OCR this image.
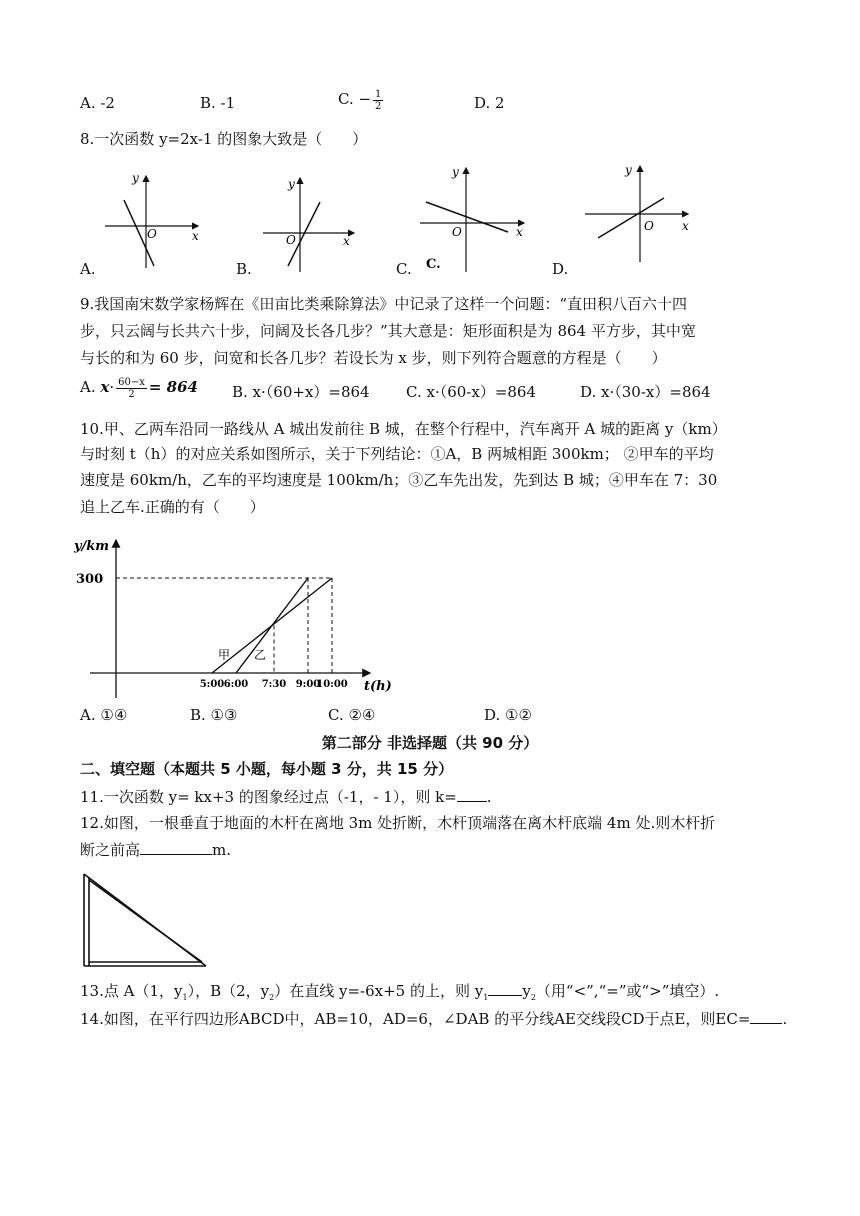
A. -2	B. -1	C. − $\frac{1}{2}$	D. 2
8.一次函数 y=2x-1 的图象大致是（　　）
y
x
O
y
x
O
y
x
O
C.
y
x
O
A.	B.	C.	D.
9.我国南宋数学家杨辉在《田亩比类乘除算法》中记录了这样一个问题：“直田积八百六十四
步，只云阔与长共六十步，问阔及长各几步？”其大意是：矩形面积是为 864 平方步，其中宽
与长的和为 60 步，问宽和长各几步？若设长为 x 步，则下列符合题意的方程是（　　）
A. $x\cdot \frac{60-x}{2} = 864$ B. x·（60+x）=864 C. x·（60-x）=864	D. x·（30-x）=864
10.甲、乙两车沿同一路线从 A 城出发前往 B 城，在整个行程中，汽车离开 A 城的距离 y（km）
与时刻 t（h）的对应关系如图所示，关于下列结论：①A，B 两城相距 300km； ②甲车的平均
速度是 60km/h，乙车的平均速度是 100km/h；③乙车先出发，先到达 B 城；④甲车在 7：30
追上乙车.正确的有（　　）
y/km
t(h)
300
甲 乙
5:00 6:00 7:30 9:00
10:00
A. ①④	B. ①③	C. ②④	D. ①②
第二部分 非选择题（共 90 分）
二、填空题（本题共 5 小题，每小题 3 分，共 15 分）
11.一次函数 y= kx+3 的图象经过点（-1，- 1），则 k= .
12.如图，一根垂直于地面的木杆在离地 3m 处折断，木杆顶端落在离木杆底端 4m 处.则木杆折
断之前高	m.
13.点 A（1，$y_1$），B（2，$y_2$）在直线 y=-6x+5 的上，则 $y_1$ $y_2$（用“<”,“=”或“>”填空）.
14.如图，在平行四边形ABCD中，AB=10，AD=6，∠DAB 的平分线AE交线段CD于点E，则EC= .
